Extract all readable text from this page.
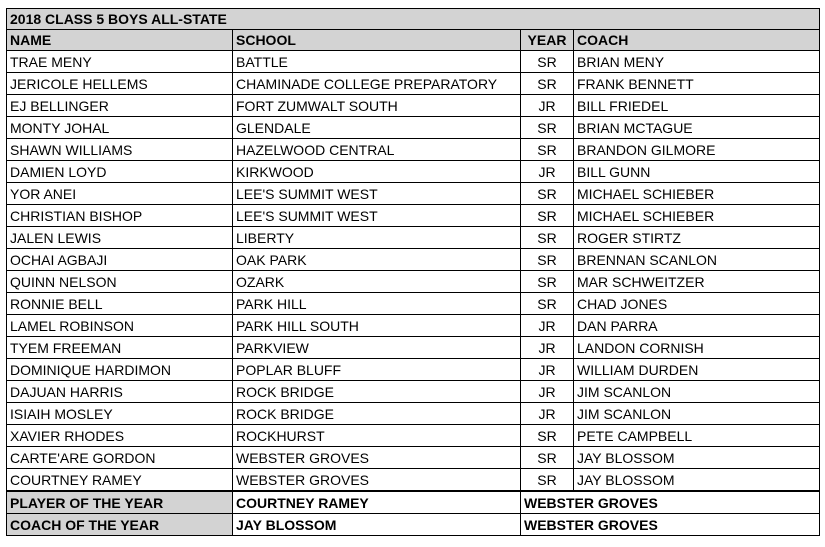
2018 CLASS 5 BOYS ALL-STATE			
NAME	SCHOOL	YEAR	COACH
TRAE MENY	BATTLE	SR	BRIAN MENY
JERICOLE HELLEMS	CHAMINADE COLLEGE PREPARATORY	SR	FRANK BENNETT
EJ BELLINGER	FORT ZUMWALT SOUTH	JR	BILL FRIEDEL
MONTY JOHAL	GLENDALE	SR	BRIAN MCTAGUE
SHAWN WILLIAMS	HAZELWOOD CENTRAL	SR	BRANDON GILMORE
DAMIEN LOYD	KIRKWOOD	JR	BILL GUNN
YOR ANEI	LEE'S SUMMIT WEST	SR	MICHAEL SCHIEBER
CHRISTIAN BISHOP	LEE'S SUMMIT WEST	SR	MICHAEL SCHIEBER
JALEN LEWIS	LIBERTY	SR	ROGER STIRTZ
OCHAI AGBAJI	OAK PARK	SR	BRENNAN SCANLON
QUINN NELSON	OZARK	SR	MAR SCHWEITZER
RONNIE BELL	PARK HILL	SR	CHAD JONES
LAMEL ROBINSON	PARK HILL SOUTH	JR	DAN PARRA
TYEM FREEMAN	PARKVIEW	JR	LANDON CORNISH
DOMINIQUE HARDIMON	POPLAR BLUFF	JR	WILLIAM DURDEN
DAJUAN HARRIS	ROCK BRIDGE	JR	JIM SCANLON
ISIAIH MOSLEY	ROCK BRIDGE	JR	JIM SCANLON
XAVIER RHODES	ROCKHURST	SR	PETE CAMPBELL
CARTE'ARE GORDON	WEBSTER GROVES	SR	JAY BLOSSOM
COURTNEY RAMEY	WEBSTER GROVES	SR	JAY BLOSSOM
PLAYER OF THE YEAR	COURTNEY RAMEY	WEBSTER GROVES	
COACH OF THE YEAR	JAY BLOSSOM	WEBSTER GROVES	
